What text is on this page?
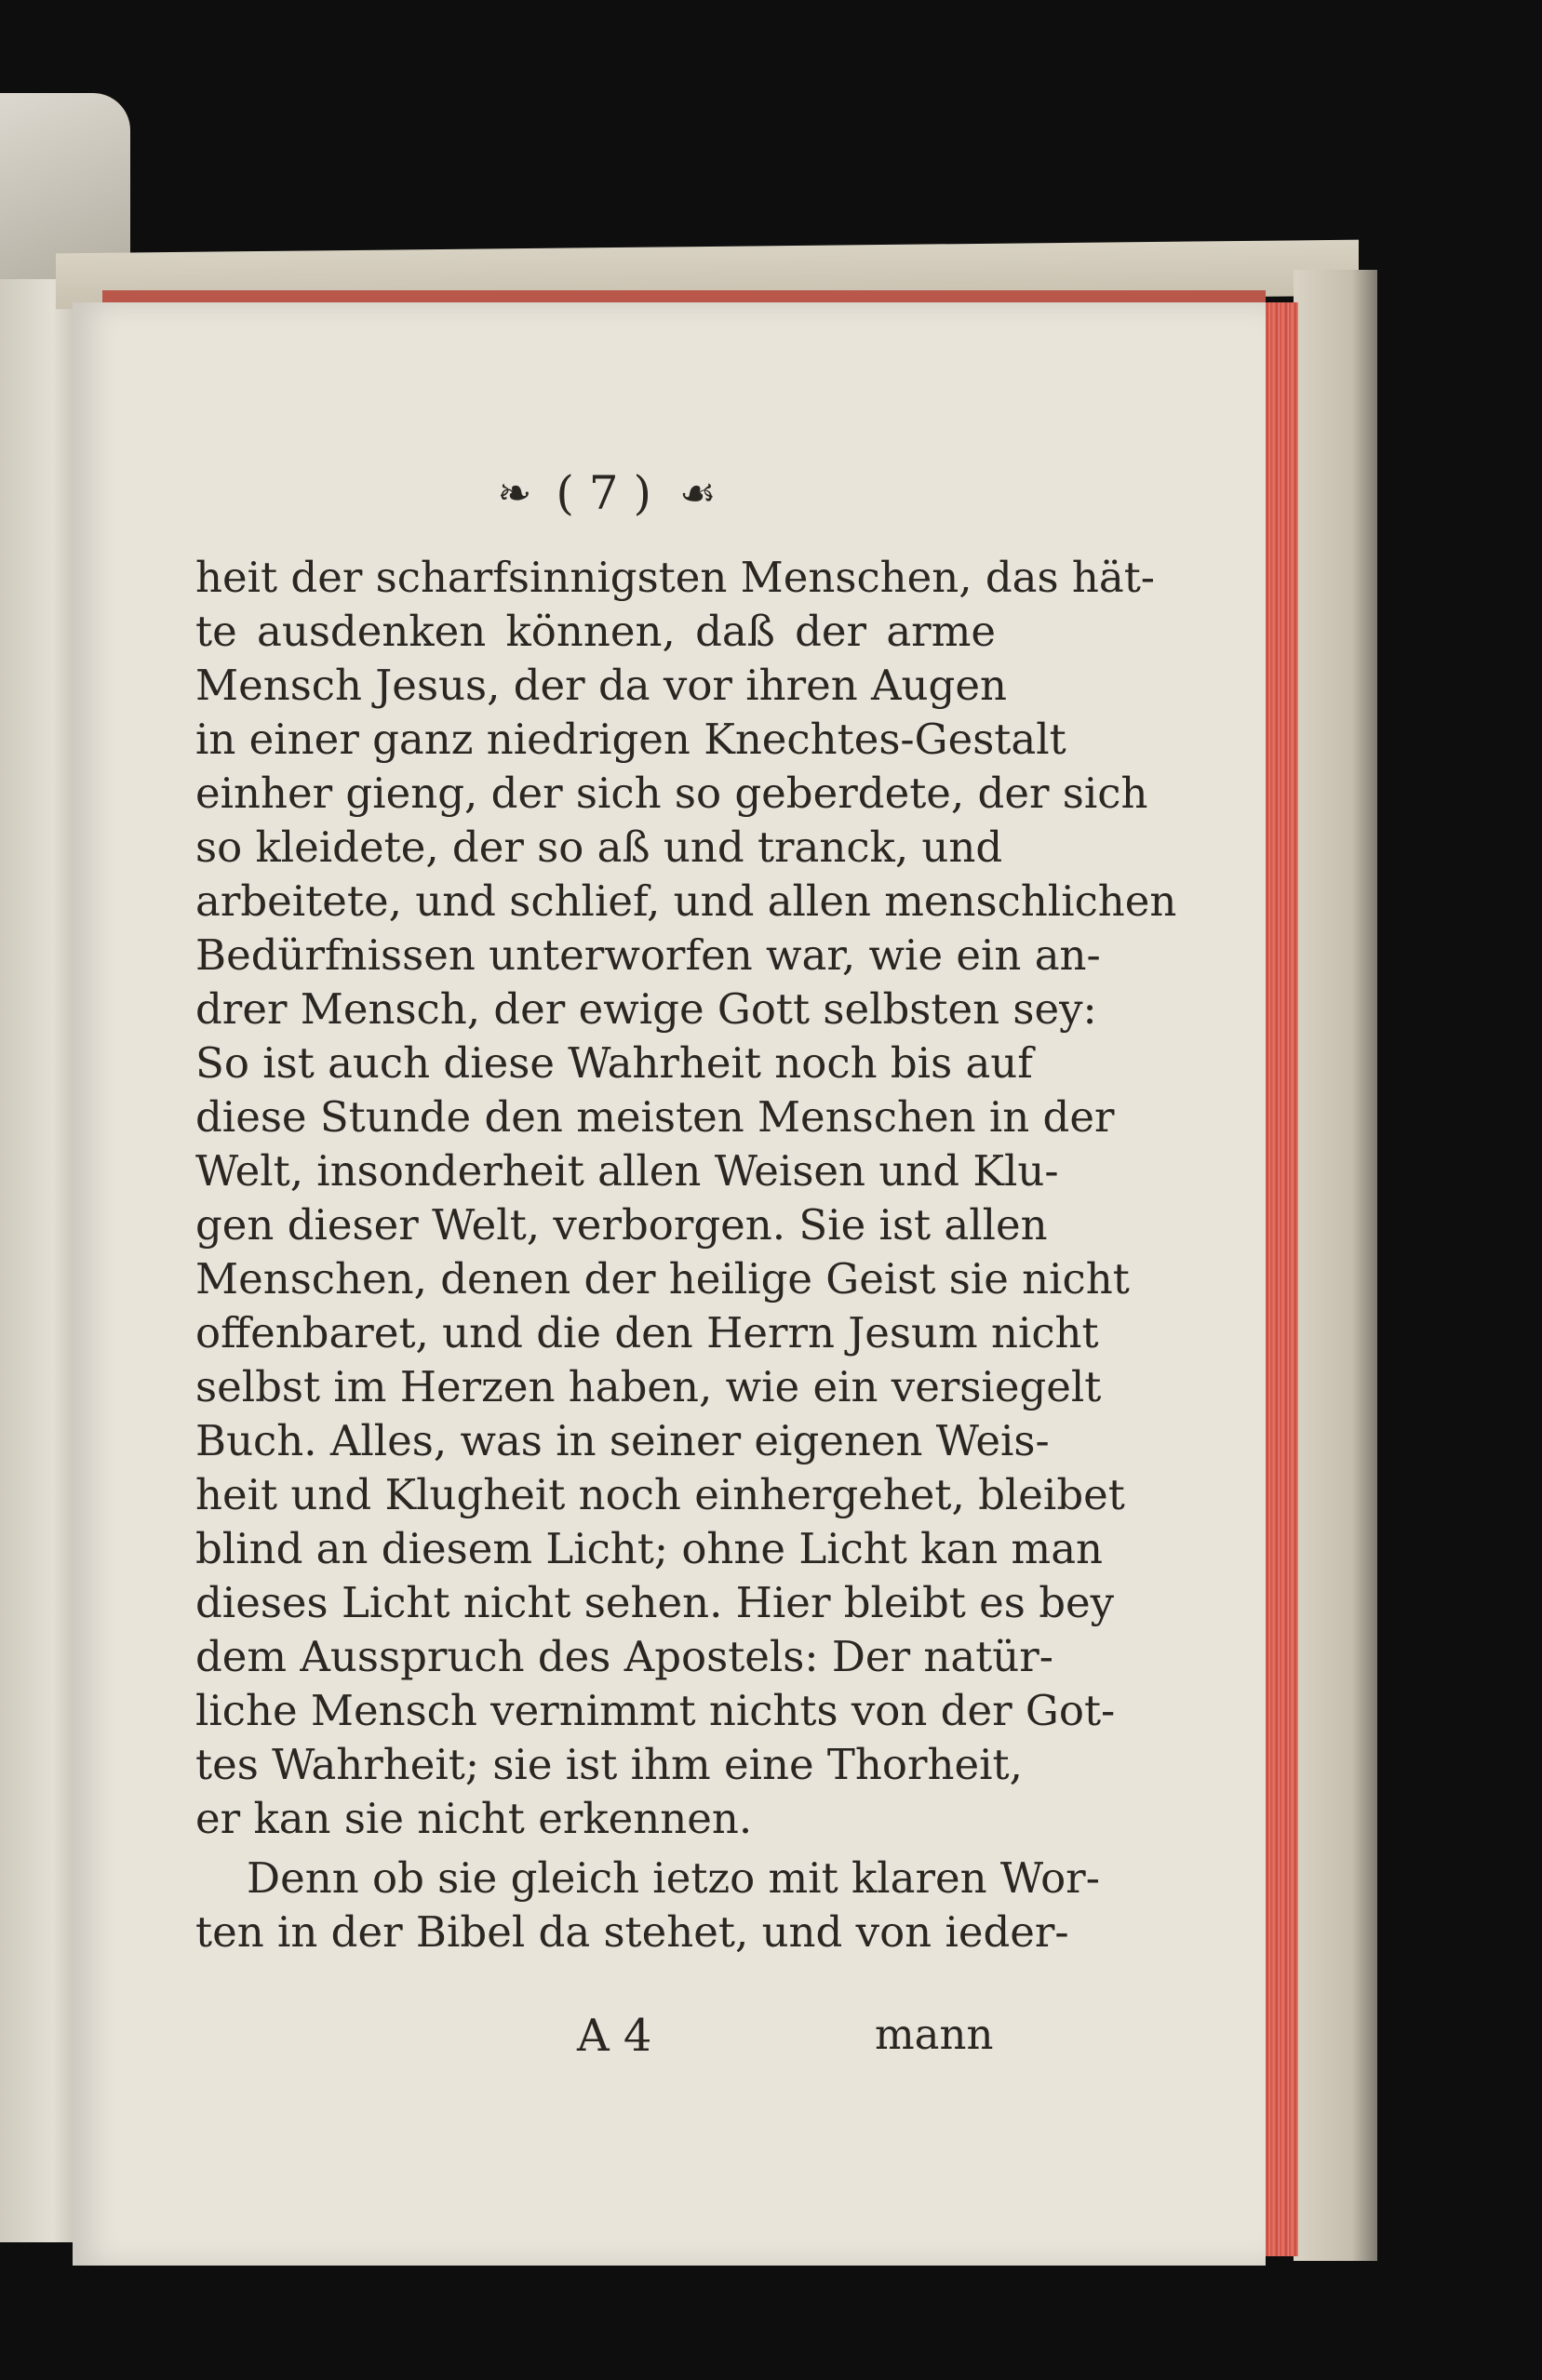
❧ ( 7 ) ☙
heit der scharfsinnigsten Menschen, das hät-
te ausdenken können, daß der arme
Mensch Jesus, der da vor ihren Augen
in einer ganz niedrigen Knechtes-Gestalt
einher gieng, der sich so geberdete, der sich
so kleidete, der so aß und tranck, und
arbeitete, und schlief, und allen menschlichen
Bedürfnissen unterworfen war, wie ein an-
drer Mensch, der ewige Gott selbsten sey:
So ist auch diese Wahrheit noch bis auf
diese Stunde den meisten Menschen in der
Welt, insonderheit allen Weisen und Klu-
gen dieser Welt, verborgen. Sie ist allen
Menschen, denen der heilige Geist sie nicht
offenbaret, und die den Herrn Jesum nicht
selbst im Herzen haben, wie ein versiegelt
Buch. Alles, was in seiner eigenen Weis-
heit und Klugheit noch einhergehet, bleibet
blind an diesem Licht; ohne Licht kan man
dieses Licht nicht sehen. Hier bleibt es bey
dem Ausspruch des Apostels: Der natür-
liche Mensch vernimmt nichts von der Got-
tes Wahrheit; sie ist ihm eine Thorheit,
er kan sie nicht erkennen.
Denn ob sie gleich ietzo mit klaren Wor-
ten in der Bibel da stehet, und von ieder-
A 4	mann
